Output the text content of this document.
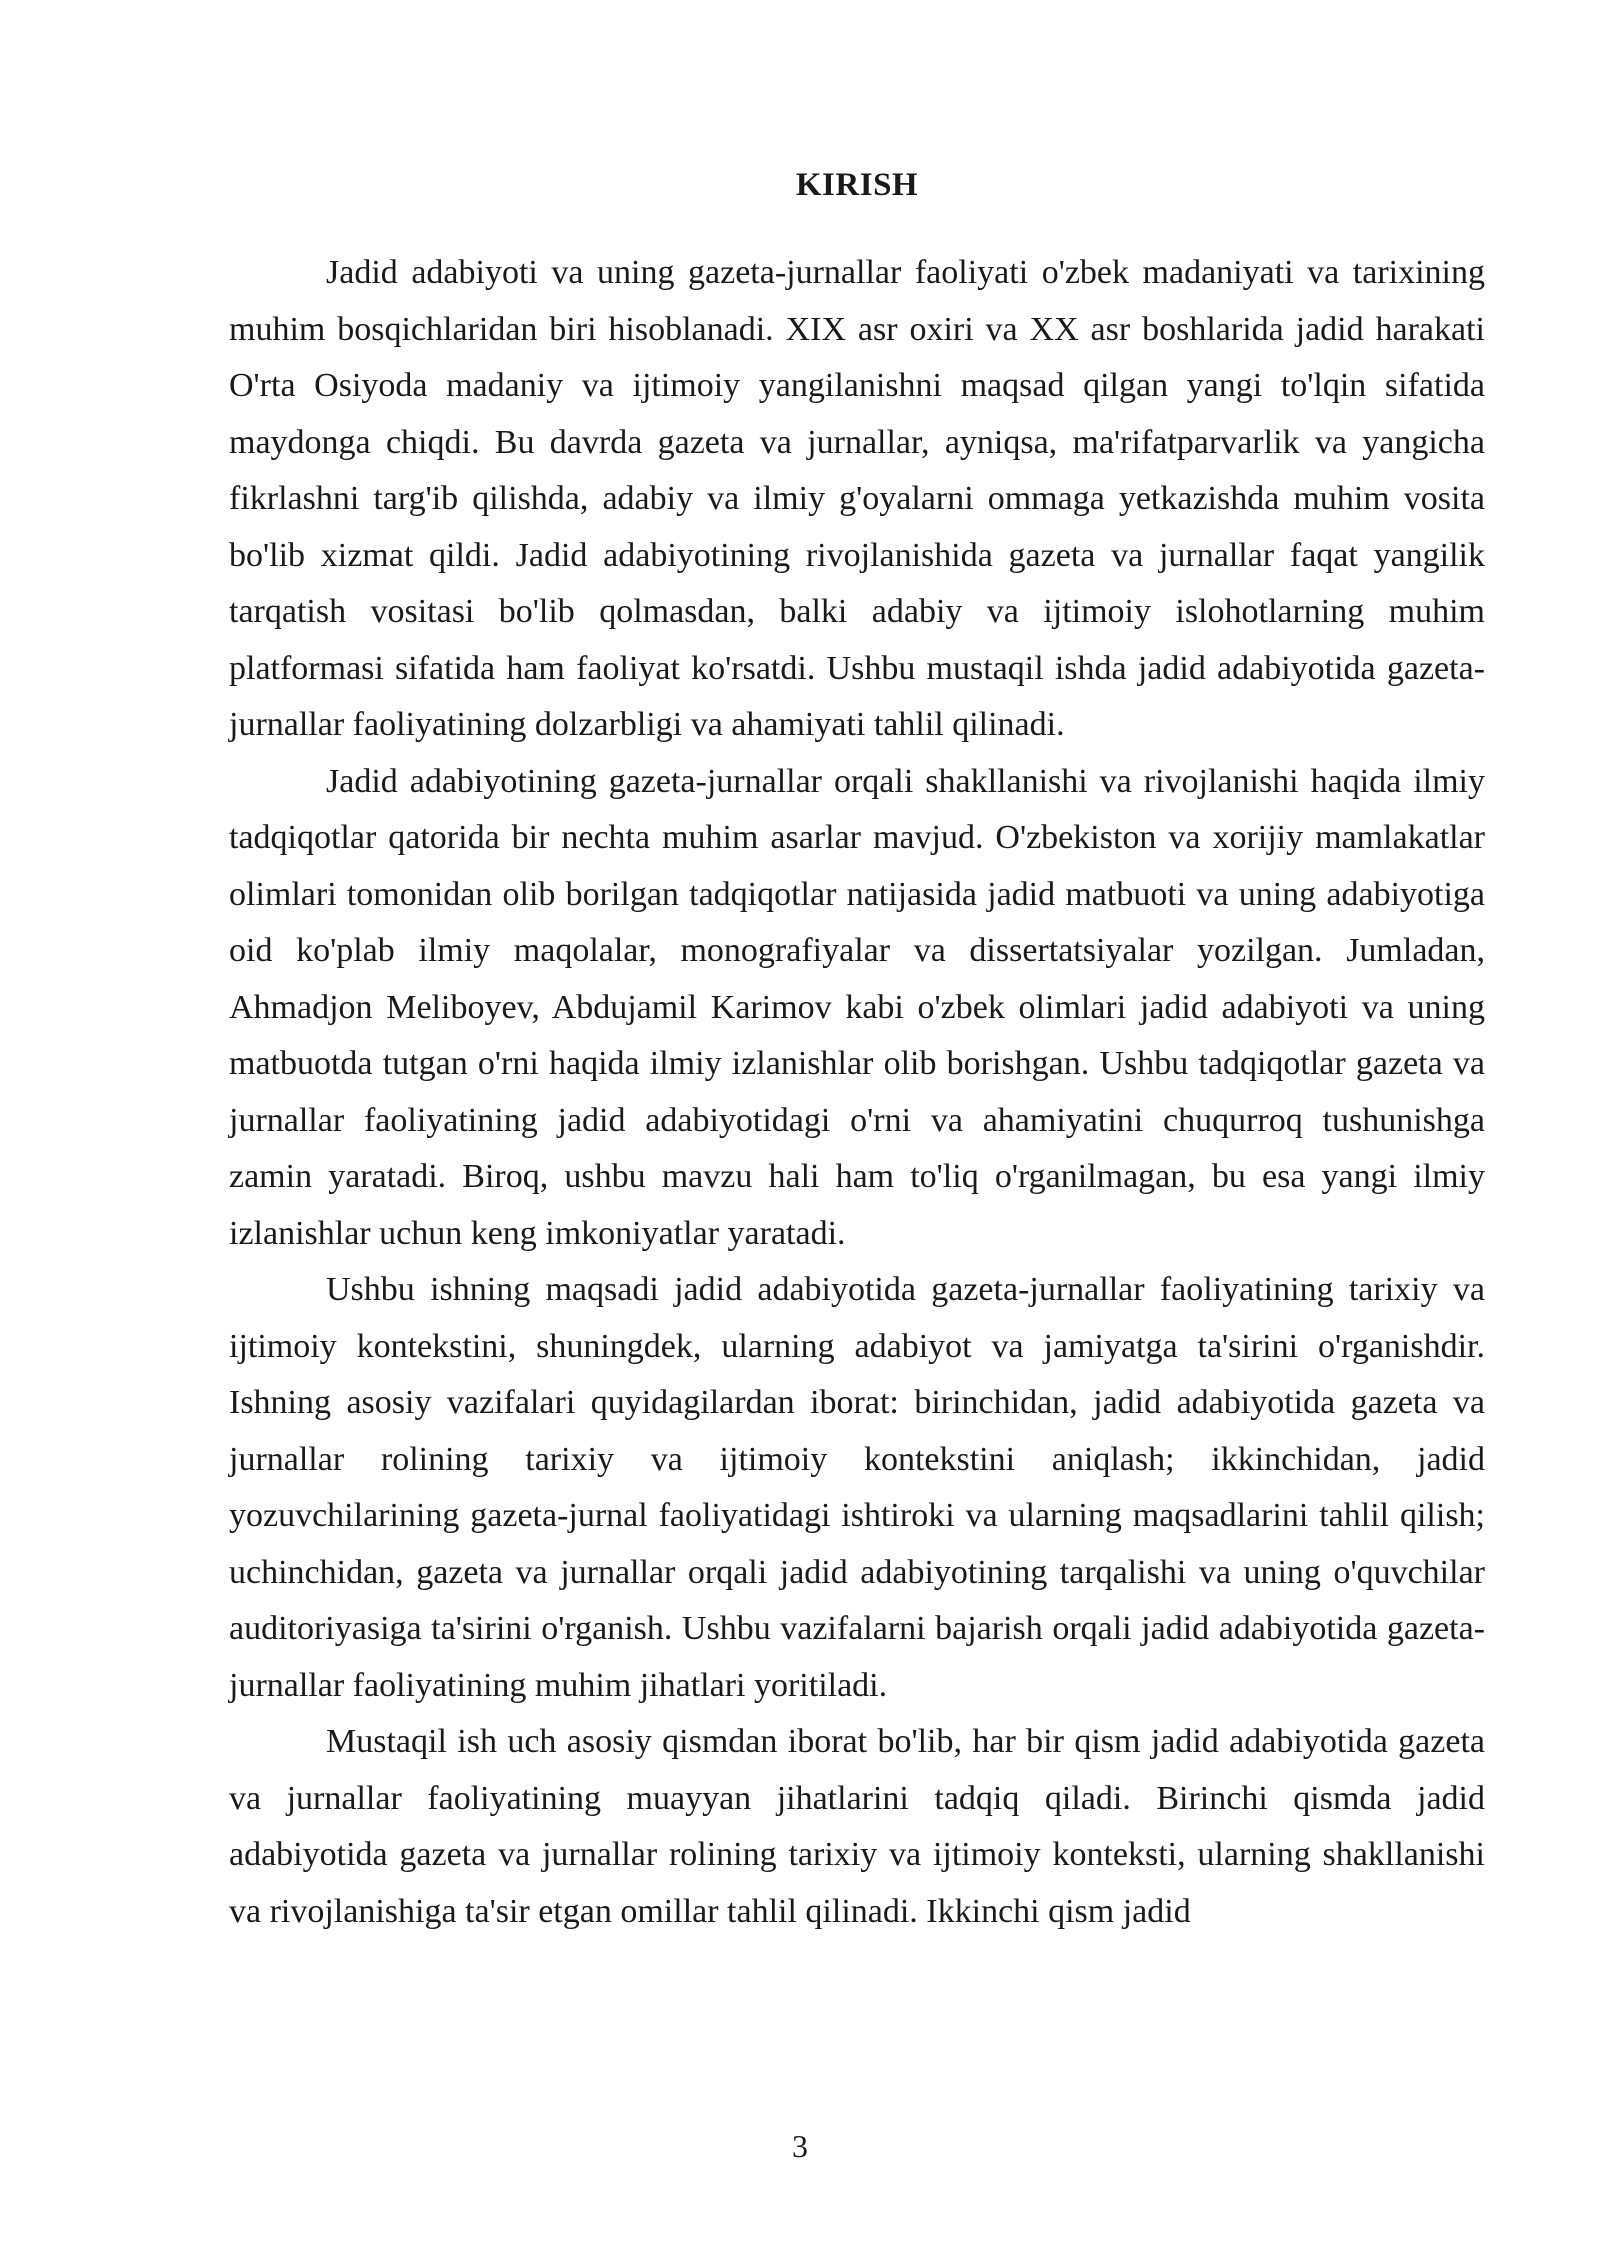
KIRISH

Jadid adabiyoti va uning gazeta-jurnallar faoliyati o'zbek madaniyati va tarixining muhim bosqichlaridan biri hisoblanadi. XIX asr oxiri va XX asr boshlarida jadid harakati O'rta Osiyoda madaniy va ijtimoiy yangilanishni maqsad qilgan yangi to'lqin sifatida maydonga chiqdi. Bu davrda gazeta va jurnallar, ayniqsa, ma'rifatparvarlik va yangicha fikrlashni targ'ib qilishda, adabiy va ilmiy g'oyalarni ommaga yetkazishda muhim vosita bo'lib xizmat qildi. Jadid adabiyotining rivojlanishida gazeta va jurnallar faqat yangilik tarqatish vositasi bo'lib qolmasdan, balki adabiy va ijtimoiy islohotlarning muhim platformasi sifatida ham faoliyat ko'rsatdi. Ushbu mustaqil ishda jadid adabiyotida gazeta-jurnallar faoliyatining dolzarbligi va ahamiyati tahlil qilinadi.

Jadid adabiyotining gazeta-jurnallar orqali shakllanishi va rivojlanishi haqida ilmiy tadqiqotlar qatorida bir nechta muhim asarlar mavjud. O'zbekiston va xorijiy mamlakatlar olimlari tomonidan olib borilgan tadqiqotlar natijasida jadid matbuoti va uning adabiyotiga oid ko'plab ilmiy maqolalar, monografiyalar va dissertatsiyalar yozilgan. Jumladan, Ahmadjon Meliboyev, Abdujamil Karimov kabi o'zbek olimlari jadid adabiyoti va uning matbuotda tutgan o'rni haqida ilmiy izlanishlar olib borishgan. Ushbu tadqiqotlar gazeta va jurnallar faoliyatining jadid adabiyotidagi o'rni va ahamiyatini chuqurroq tushunishga zamin yaratadi. Biroq, ushbu mavzu hali ham to'liq o'rganilmagan, bu esa yangi ilmiy izlanishlar uchun keng imkoniyatlar yaratadi.

Ushbu ishning maqsadi jadid adabiyotida gazeta-jurnallar faoliyatining tarixiy va ijtimoiy kontekstini, shuningdek, ularning adabiyot va jamiyatga ta'sirini o'rganishdir. Ishning asosiy vazifalari quyidagilardan iborat: birinchidan, jadid adabiyotida gazeta va jurnallar rolining tarixiy va ijtimoiy kontekstini aniqlash; ikkinchidan, jadid yozuvchilarining gazeta-jurnal faoliyatidagi ishtiroki va ularning maqsadlarini tahlil qilish; uchinchidan, gazeta va jurnallar orqali jadid adabiyotining tarqalishi va uning o'quvchilar auditoriyasiga ta'sirini o'rganish. Ushbu vazifalarni bajarish orqali jadid adabiyotida gazeta-jurnallar faoliyatining muhim jihatlari yoritiladi.

Mustaqil ish uch asosiy qismdan iborat bo'lib, har bir qism jadid adabiyotida gazeta va jurnallar faoliyatining muayyan jihatlarini tadqiq qiladi. Birinchi qismda jadid adabiyotida gazeta va jurnallar rolining tarixiy va ijtimoiy konteksti, ularning shakllanishi va rivojlanishiga ta'sir etgan omillar tahlil qilinadi. Ikkinchi qism jadid

3
